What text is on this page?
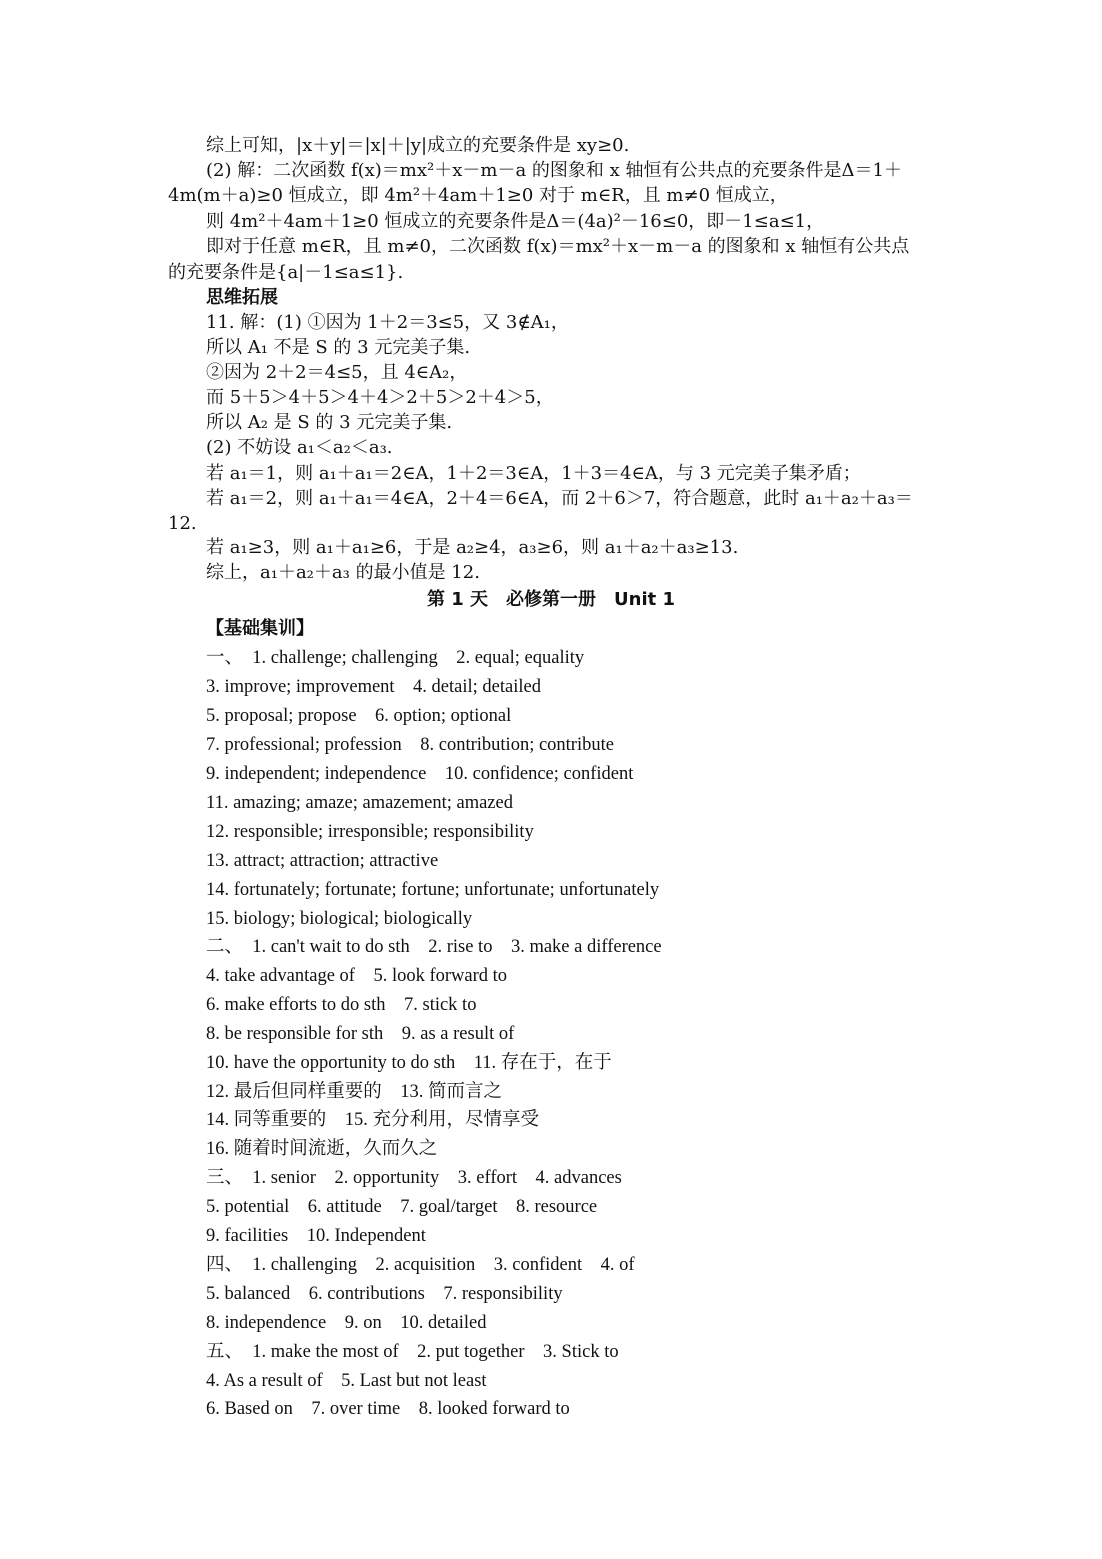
综上可知，|x＋y|＝|x|＋|y|成立的充要条件是 xy≥0.
(2) 解：二次函数 f(x)＝mx²＋x－m－a 的图象和 x 轴恒有公共点的充要条件是Δ＝1＋
4m(m＋a)≥0 恒成立，即 4m²＋4am＋1≥0 对于 m∈R，且 m≠0 恒成立，
则 4m²＋4am＋1≥0 恒成立的充要条件是Δ＝(4a)²－16≤0，即－1≤a≤1，
即对于任意 m∈R，且 m≠0，二次函数 f(x)＝mx²＋x－m－a 的图象和 x 轴恒有公共点
的充要条件是{a|－1≤a≤1}.
思维拓展
11. 解：(1) ①因为 1＋2＝3≤5，又 3∉A₁，
所以 A₁ 不是 S 的 3 元完美子集.
②因为 2＋2＝4≤5，且 4∈A₂，
而 5＋5＞4＋5＞4＋4＞2＋5＞2＋4＞5，
所以 A₂ 是 S 的 3 元完美子集.
(2) 不妨设 a₁＜a₂＜a₃.
若 a₁＝1，则 a₁＋a₁＝2∈A，1＋2＝3∈A，1＋3＝4∈A，与 3 元完美子集矛盾；
若 a₁＝2，则 a₁＋a₁＝4∈A，2＋4＝6∈A，而 2＋6＞7，符合题意，此时 a₁＋a₂＋a₃＝
12.
若 a₁≥3，则 a₁＋a₁≥6，于是 a₂≥4，a₃≥6，则 a₁＋a₂＋a₃≥13.
综上，a₁＋a₂＋a₃ 的最小值是 12.
第 1 天　必修第一册　Unit 1
【基础集训】
一、　1. challenge; challenging　2. equal; equality
3. improve; improvement　4. detail; detailed
5. proposal; propose　6. option; optional
7. professional; profession　8. contribution; contribute
9. independent; independence　10. confidence; confident
11. amazing; amaze; amazement; amazed
12. responsible; irresponsible; responsibility
13. attract; attraction; attractive
14. fortunately; fortunate; fortune; unfortunate; unfortunately
15. biology; biological; biologically
二、　1. can't wait to do sth　2. rise to　3. make a difference
4. take advantage of　5. look forward to
6. make efforts to do sth　7. stick to
8. be responsible for sth　9. as a result of
10. have the opportunity to do sth　11. 存在于，在于
12. 最后但同样重要的　13. 简而言之
14. 同等重要的　15. 充分利用，尽情享受
16. 随着时间流逝，久而久之
三、　1. senior　2. opportunity　3. effort　4. advances
5. potential　6. attitude　7. goal/target　8. resource
9. facilities　10. Independent
四、　1. challenging　2. acquisition　3. confident　4. of
5. balanced　6. contributions　7. responsibility
8. independence　9. on　10. detailed
五、　1. make the most of　2. put together　3. Stick to
4. As a result of　5. Last but not least
6. Based on　7. over time　8. looked forward to
